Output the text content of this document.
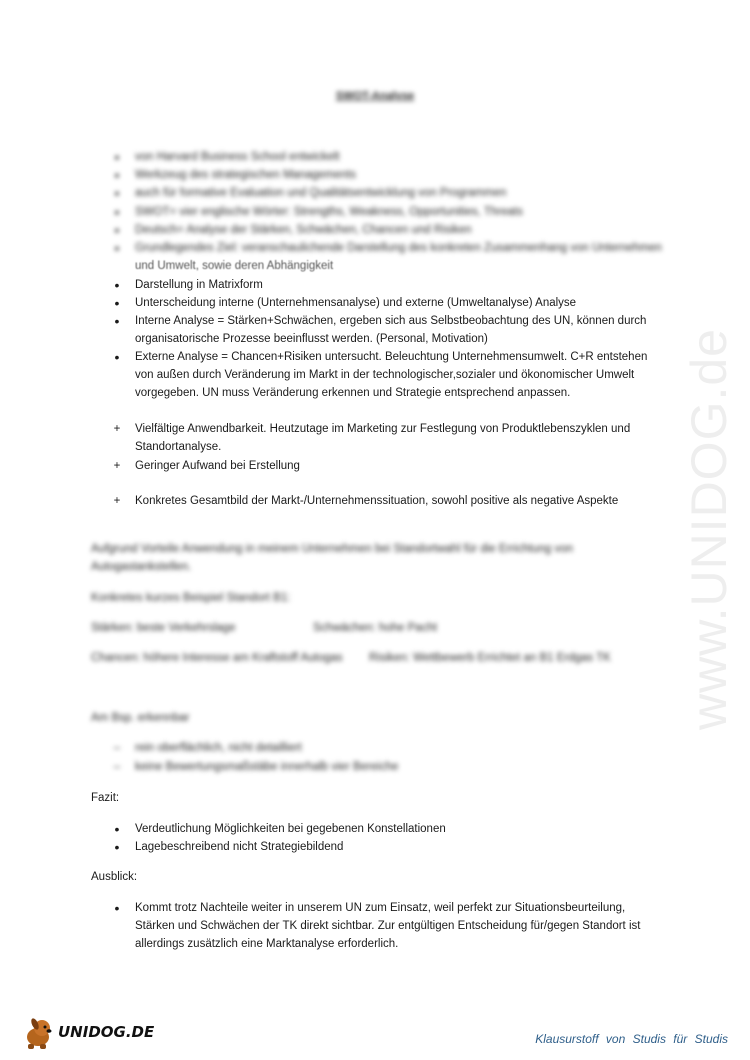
SWOT-Analyse
•
von Harvard Business School entwickelt
•
Werkzeug des strategischen Managements
•
auch für formative Evaluation und Qualitätsentwicklung von Programmen
•
SWOT= vier englische Wörter: Strengths, Weakness, Opportunities, Threats
•
Deutsch= Analyse der Stärken, Schwächen, Chancen und Risiken
•
Grundlegendes Ziel: veranschaulichende Darstellung des konkreten Zusammenhang von Unternehmen
und Umwelt, sowie deren Abhängigkeit
•
Darstellung in Matrixform
•
Unterscheidung interne (Unternehmensanalyse) und externe (Umweltanalyse) Analyse
•
Interne Analyse = Stärken+Schwächen, ergeben sich aus Selbstbeobachtung des UN, können durch organisatorische Prozesse beeinflusst werden. (Personal, Motivation)
•
Externe Analyse = Chancen+Risiken untersucht. Beleuchtung Unternehmensumwelt. C+R entstehen von außen durch Veränderung im Markt in der technologischer,sozialer und ökonomischer Umwelt vorgegeben. UN muss Veränderung erkennen und Strategie entsprechend anpassen.
+ Vielfältige Anwendbarkeit. Heutzutage im Marketing zur Festlegung von Produktlebenszyklen und Standortanalyse.
+ Geringer Aufwand bei Erstellung
+ Konkretes Gesamtbild der Markt-/Unternehmenssituation, sowohl positive als negative Aspekte
Aufgrund Vorteile Anwendung in meinem Unternehmen bei Standortwahl für die Errichtung von
Autogastankstellen.
Konkretes kurzes Beispiel Standort B1:
Stärken: beste Verkehrslage	Schwächen: hohe Pacht
Chancen: höhere Interesse am Kraftstoff Autogas	Risiken: Wettbewerb Errichtet an B1 Erdgas TK
Am Bsp. erkennbar
– rein oberflächlich, nicht detailliert
– keine Bewertungsmaßstäbe innerhalb vier Bereiche
Fazit:
•
Verdeutlichung Möglichkeiten bei gegebenen Konstellationen
•
Lagebeschreibend nicht Strategiebildend
Ausblick:
•
Kommt trotz Nachteile weiter in unserem UN zum Einsatz, weil perfekt zur Situationsbeurteilung, Stärken und Schwächen der TK direkt sichtbar. Zur entgültigen Entscheidung für/gegen Standort ist allerdings zusätzlich eine Marktanalyse erforderlich.
www.UNIDOG.de
UNIDOG.DE	Klausurstoff von Studis für Studis
